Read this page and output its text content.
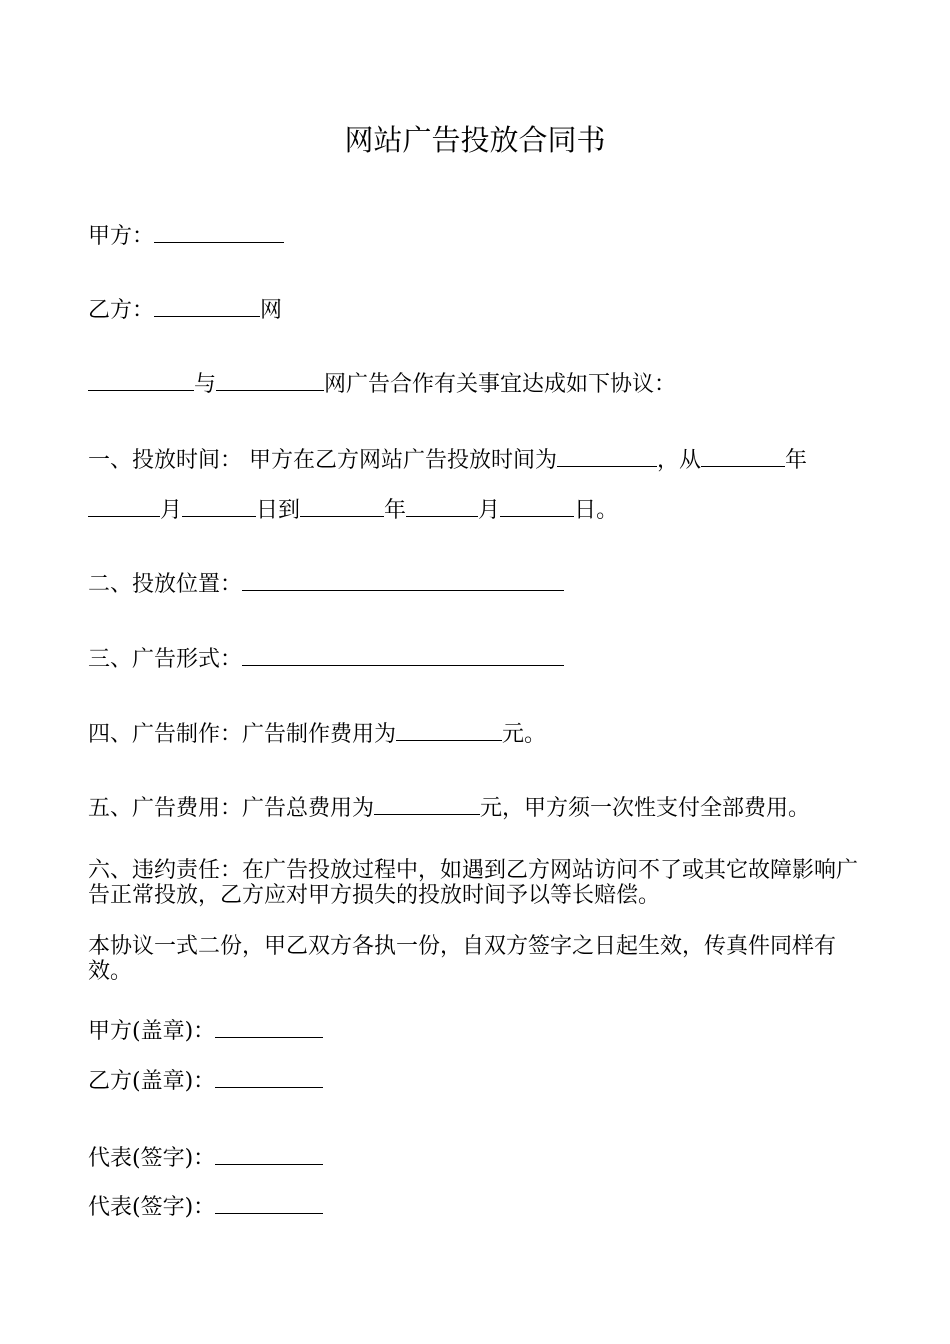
网站广告投放合同书
甲方：
乙方：	网
与	网广告合作有关事宜达成如下协议：
一、投放时间： 甲方在乙方网站广告投放时间为	，从	年
月	日到	年	月	日。
二、投放位置：
三、广告形式：
四、广告制作：广告制作费用为	元。
五、广告费用：广告总费用为	元，甲方须一次性支付全部费用。
六、违约责任：在广告投放过程中，如遇到乙方网站访问不了或其它故障影响广告正常投放，乙方应对甲方损失的投放时间予以等长赔偿。
本协议一式二份，甲乙双方各执一份，自双方签字之日起生效，传真件同样有效。
甲方(盖章)：
乙方(盖章)：
代表(签字)：
代表(签字)：
